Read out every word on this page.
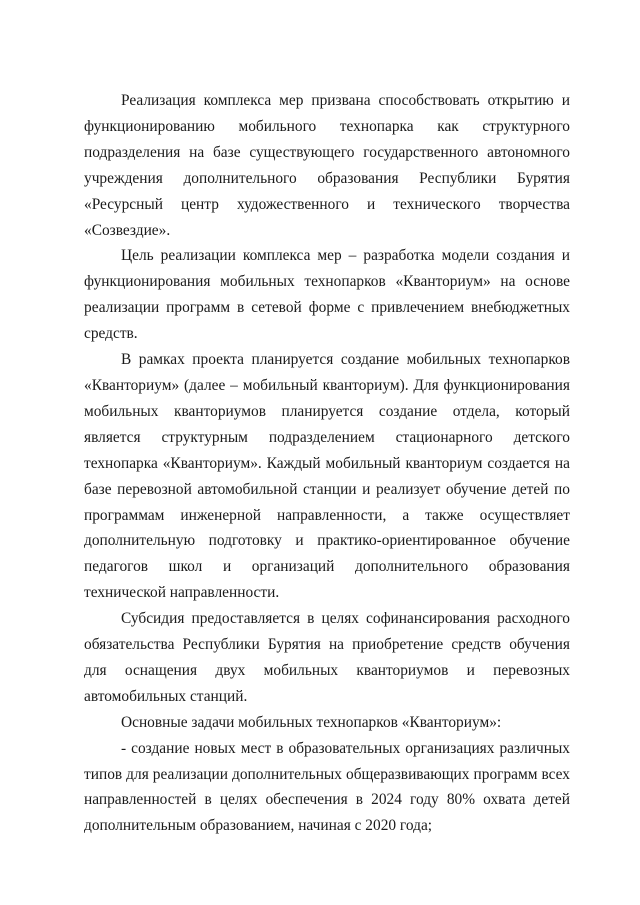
Реализация комплекса мер призвана способствовать открытию и функционированию мобильного технопарка как структурного подразделения на базе существующего государственного автономного учреждения дополнительного образования Республики Бурятия «Ресурсный центр художественного и технического творчества «Созвездие».

Цель реализации комплекса мер – разработка модели создания и функционирования мобильных технопарков «Кванториум» на основе реализации программ в сетевой форме с привлечением внебюджетных средств.

В рамках проекта планируется создание мобильных технопарков «Кванториум» (далее – мобильный кванториум). Для функционирования мобильных кванториумов планируется создание отдела, который является структурным подразделением стационарного детского технопарка «Кванториум». Каждый мобильный кванториум создается на базе перевозной автомобильной станции и реализует обучение детей по программам инженерной направленности, а также осуществляет дополнительную подготовку и практико-ориентированное обучение педагогов школ и организаций дополнительного образования технической направленности.

Субсидия предоставляется в целях софинансирования расходного обязательства Республики Бурятия на приобретение средств обучения для оснащения двух мобильных кванториумов и перевозных автомобильных станций.

Основные задачи мобильных технопарков «Кванториум»:

- создание новых мест в образовательных организациях различных типов для реализации дополнительных общеразвивающих программ всех направленностей в целях обеспечения в 2024 году 80% охвата детей дополнительным образованием, начиная с 2020 года;
